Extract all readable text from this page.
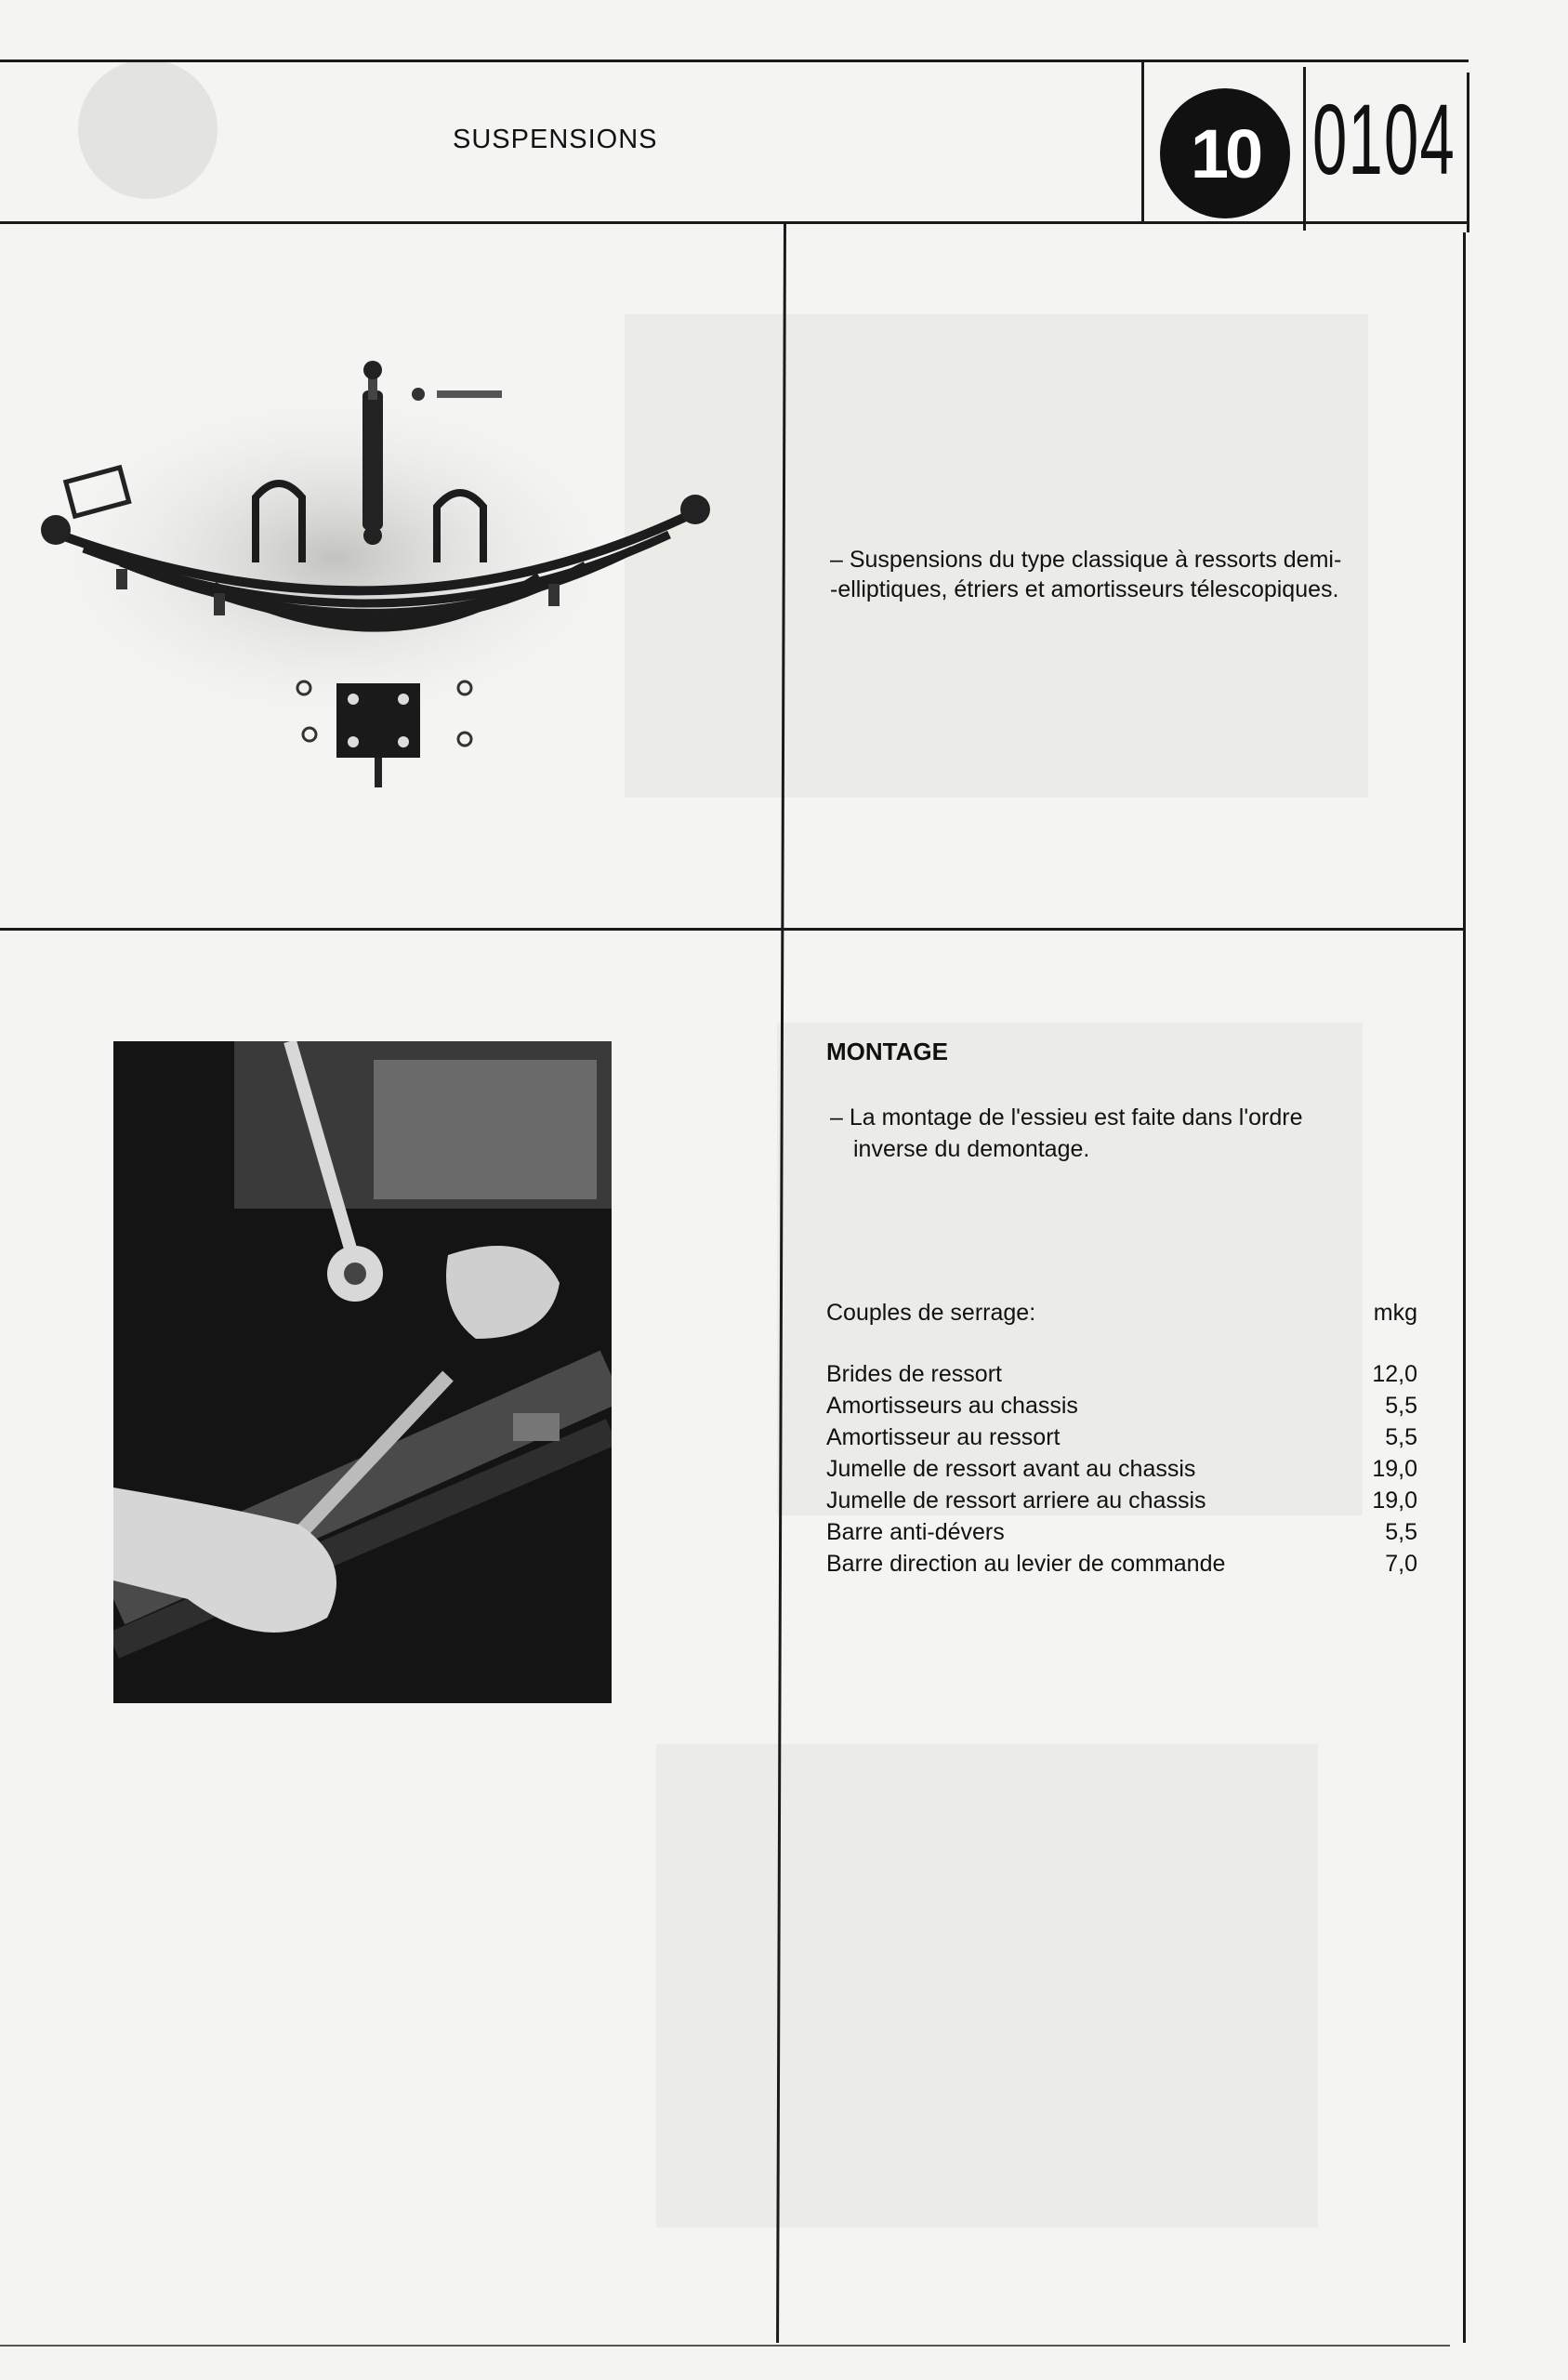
SUSPENSIONS	10 0104
– Suspensions du type classique à ressorts demi-
-elliptiques, étriers et amortisseurs télescopiques.
MONTAGE
– La montage de l'essieu est faite dans l'ordre
inverse du demontage.
Couples de serrage:	mkg
Brides de ressort	12,0
Amortisseurs au chassis	5,5
Amortisseur au ressort	5,5
Jumelle de ressort avant au chassis	19,0
Jumelle de ressort arriere au chassis	19,0
Barre anti-dévers	5,5
Barre direction au levier de commande	7,0
